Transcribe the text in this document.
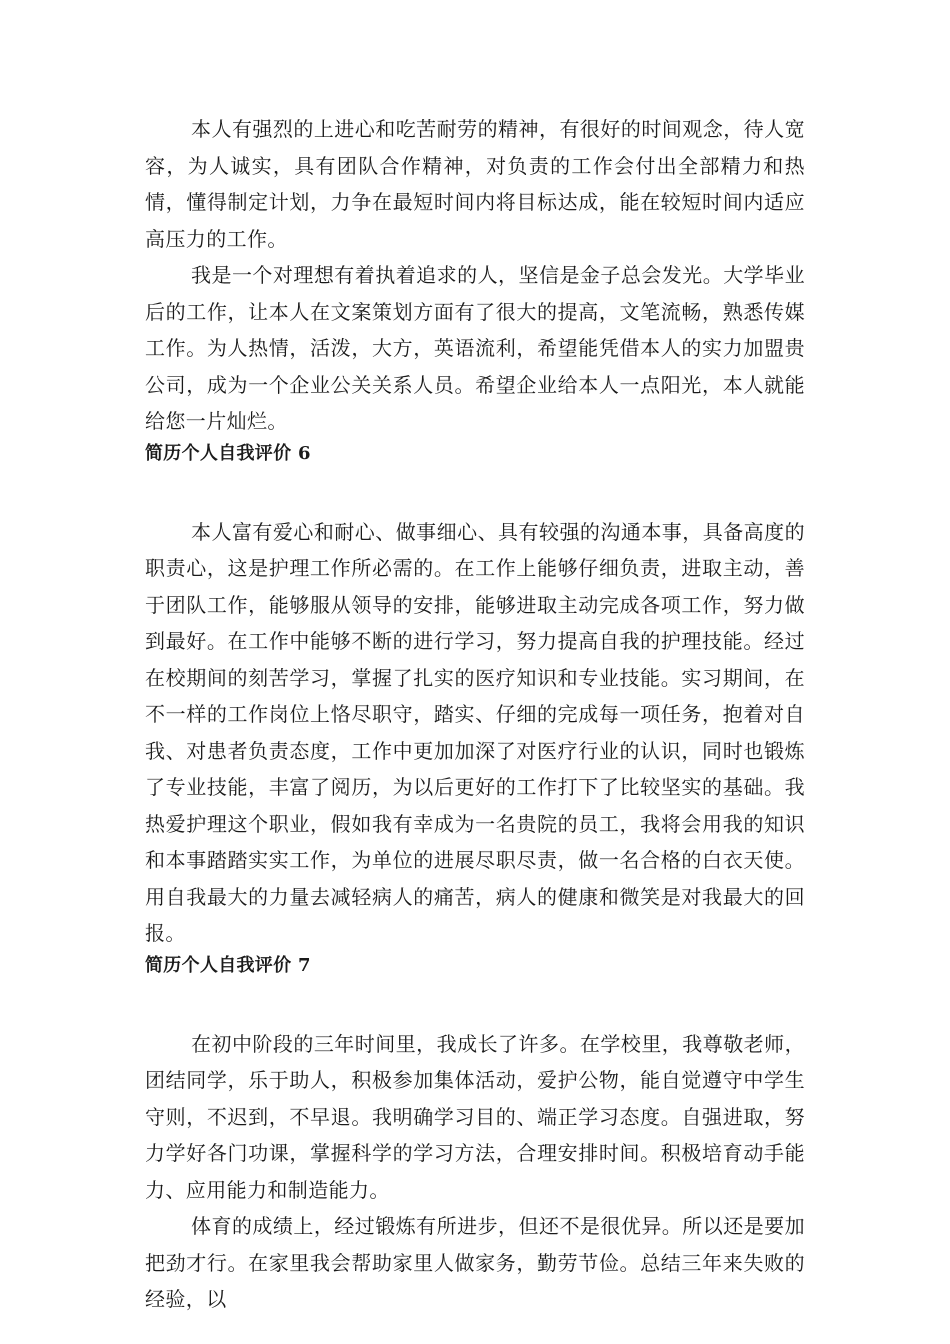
本人有强烈的上进心和吃苦耐劳的精神，有很好的时间观念，待人宽容，为人诚实，具有团队合作精神，对负责的工作会付出全部精力和热情，懂得制定计划，力争在最短时间内将目标达成，能在较短时间内适应高压力的工作。

我是一个对理想有着执着追求的人，坚信是金子总会发光。大学毕业后的工作，让本人在文案策划方面有了很大的提高，文笔流畅，熟悉传媒工作。为人热情，活泼，大方，英语流利，希望能凭借本人的实力加盟贵公司，成为一个企业公关关系人员。希望企业给本人一点阳光，本人就能给您一片灿烂。

简历个人自我评价 6

本人富有爱心和耐心、做事细心、具有较强的沟通本事，具备高度的职责心，这是护理工作所必需的。在工作上能够仔细负责，进取主动，善于团队工作，能够服从领导的安排，能够进取主动完成各项工作，努力做到最好。在工作中能够不断的进行学习，努力提高自我的护理技能。经过在校期间的刻苦学习，掌握了扎实的医疗知识和专业技能。实习期间，在不一样的工作岗位上恪尽职守，踏实、仔细的完成每一项任务，抱着对自我、对患者负责态度，工作中更加加深了对医疗行业的认识，同时也锻炼了专业技能，丰富了阅历，为以后更好的工作打下了比较坚实的基础。我热爱护理这个职业，假如我有幸成为一名贵院的员工，我将会用我的知识和本事踏踏实实工作，为单位的进展尽职尽责，做一名合格的白衣天使。用自我最大的力量去减轻病人的痛苦，病人的健康和微笑是对我最大的回报。

简历个人自我评价 7

在初中阶段的三年时间里，我成长了许多。在学校里，我尊敬老师，团结同学，乐于助人，积极参加集体活动，爱护公物，能自觉遵守中学生守则，不迟到，不早退。我明确学习目的、端正学习态度。自强进取，努力学好各门功课，掌握科学的学习方法，合理安排时间。积极培育动手能力、应用能力和制造能力。

体育的成绩上，经过锻炼有所进步，但还不是很优异。所以还是要加把劲才行。在家里我会帮助家里人做家务，勤劳节俭。总结三年来失败的经验，以
